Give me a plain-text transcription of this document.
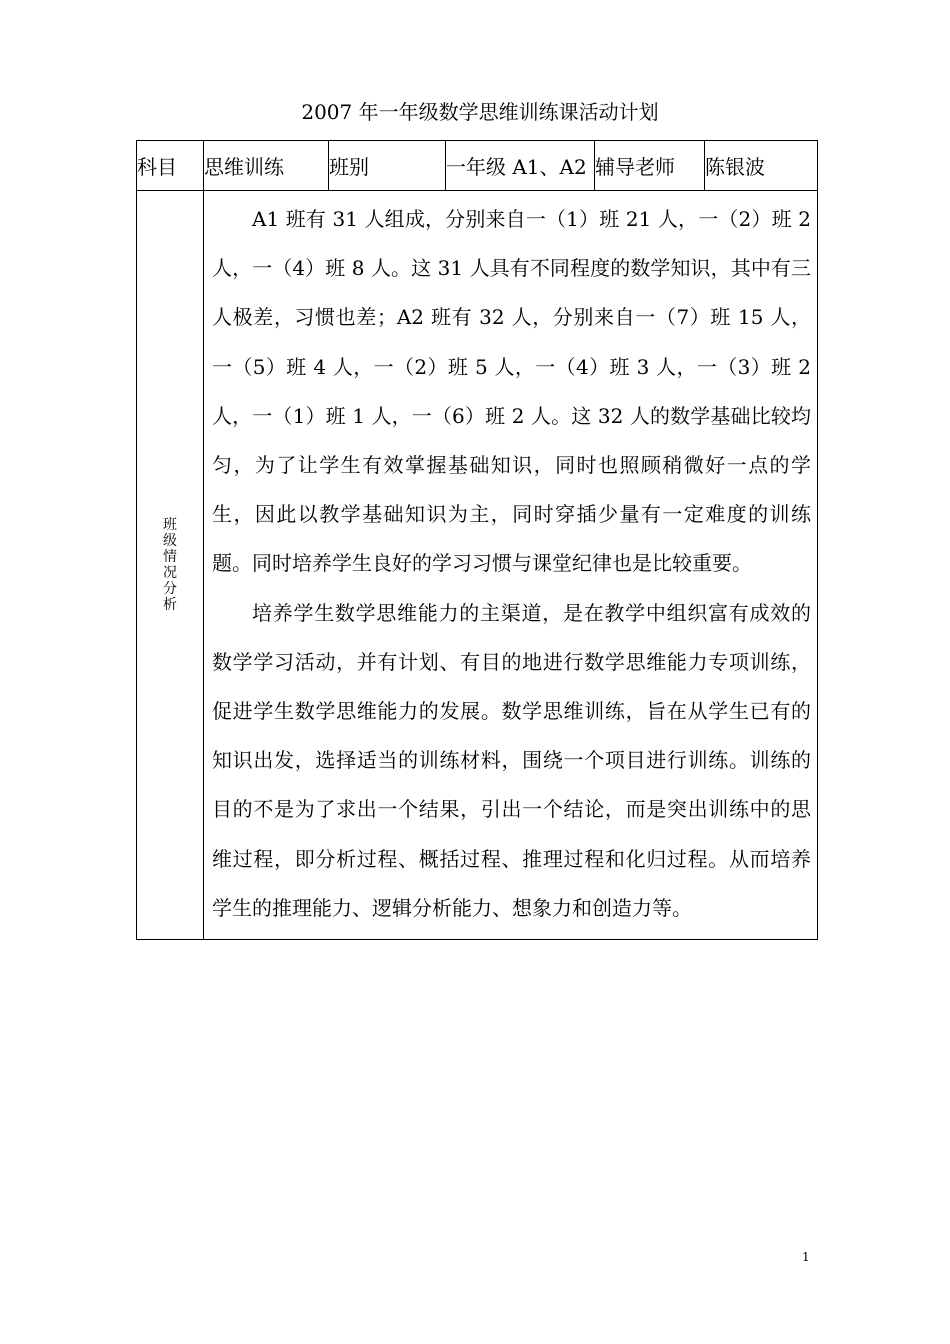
2007 年一年级数学思维训练课活动计划
科目	思维训练	班别	一年级 A1、A2	辅导老师	陈银波
班级情况分析	A1 班有 31 人组成，分别来自一（1）班 21 人，一（2）班 2 人，一（4）班 8 人。这 31 人具有不同程度的数学知识，其中有三人极差，习惯也差；A2 班有 32 人，分别来自一（7）班 15 人，一（5）班 4 人，一（2）班 5 人，一（4）班 3 人，一（3）班 2 人，一（1）班 1 人，一（6）班 2 人。这 32 人的数学基础比较均匀，为了让学生有效掌握基础知识，同时也照顾稍微好一点的学生，因此以教学基础知识为主，同时穿插少量有一定难度的训练题。同时培养学生良好的学习习惯与课堂纪律也是比较重要。

培养学生数学思维能力的主渠道，是在教学中组织富有成效的数学学习活动，并有计划、有目的地进行数学思维能力专项训练，促进学生数学思维能力的发展。数学思维训练，旨在从学生已有的知识出发，选择适当的训练材料，围绕一个项目进行训练。训练的目的不是为了求出一个结果，引出一个结论，而是突出训练中的思维过程，即分析过程、概括过程、推理过程和化归过程。从而培养学生的推理能力、逻辑分析能力、想象力和创造力等。				

1
